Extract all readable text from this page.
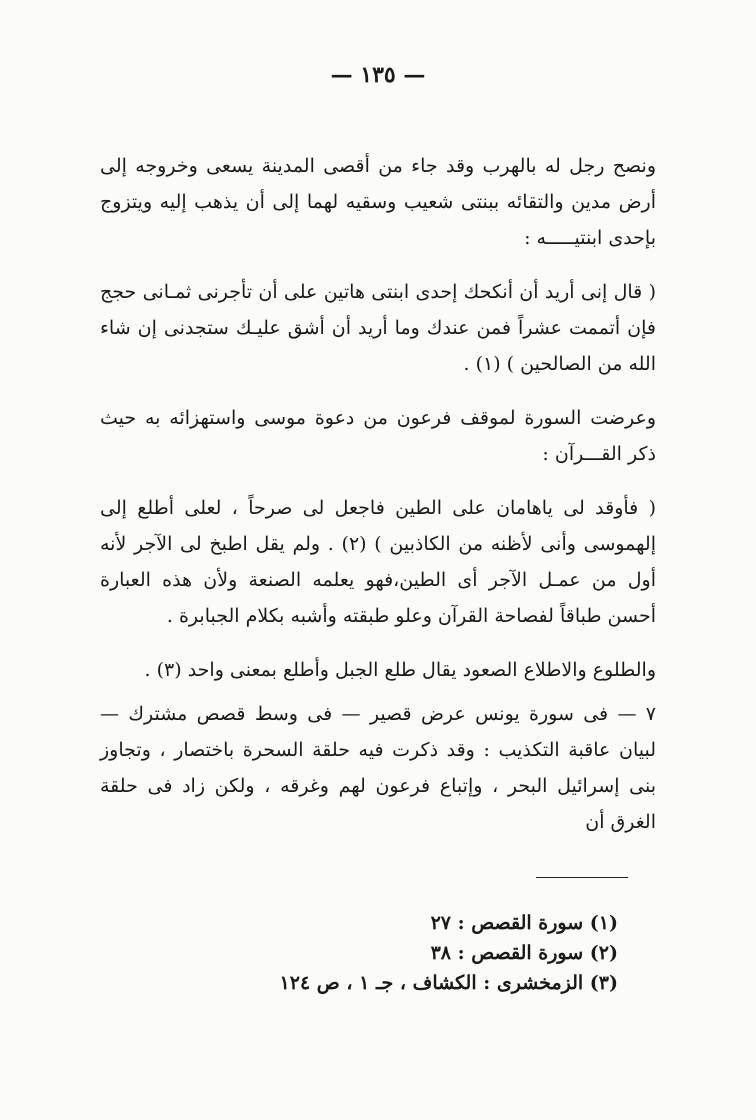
— ١٣٥ —

ونصح رجل له بالهرب وقد جاء من أقصى المدينة يسعى وخروجه إلى أرض مدين والتقائه ببنتى شعيب وسقيه لهما إلى أن يذهب إليه ويتزوج بإحدى ابنتيـــــه :

( قال إنى أريد أن أنكحك إحدى ابنتى هاتين على أن تأجرنى ثمـانى حجج فإن أتممت عشراً فمن عندك وما أريد أن أشق عليـك ستجدنى إن شاء الله من الصالحين ) (١) .

وعرضت السورة لموقف فرعون من دعوة موسى واستهزائه به حيث ذكر القـــرآن :

( فأوقد لى ياهامان على الطين فاجعل لى صرحاً ، لعلى أطلع إلى إلهموسى وأنى لأظنه من الكاذبين ) (٢) . ولم يقل اطبخ لى الآجر لأنه أول من عمـل الآجر أى الطين،فهو يعلمه الصنعة ولأن هذه العبارة أحسن طباقاً لفصاحة القرآن وعلو طبقته وأشبه بكلام الجبابرة .

والطلوع والاطلاع الصعود يقال طلع الجبل وأطلع بمعنى واحد (٣) .

٧ — فى سورة يونس عرض قصير — فى وسط قصص مشترك — لبيان عاقبة التكذيب : وقد ذكرت فيه حلقة السحرة باختصار ، وتجاوز بنى إسرائيل البحر ، وإتباع فرعون لهم وغرقه ، ولكن زاد فى حلقة الغرق أن

(١) سورة القصص : ٢٧
(٢) سورة القصص : ٣٨
(٣) الزمخشرى : الكشاف ، جـ ١ ، ص ١٢٤
